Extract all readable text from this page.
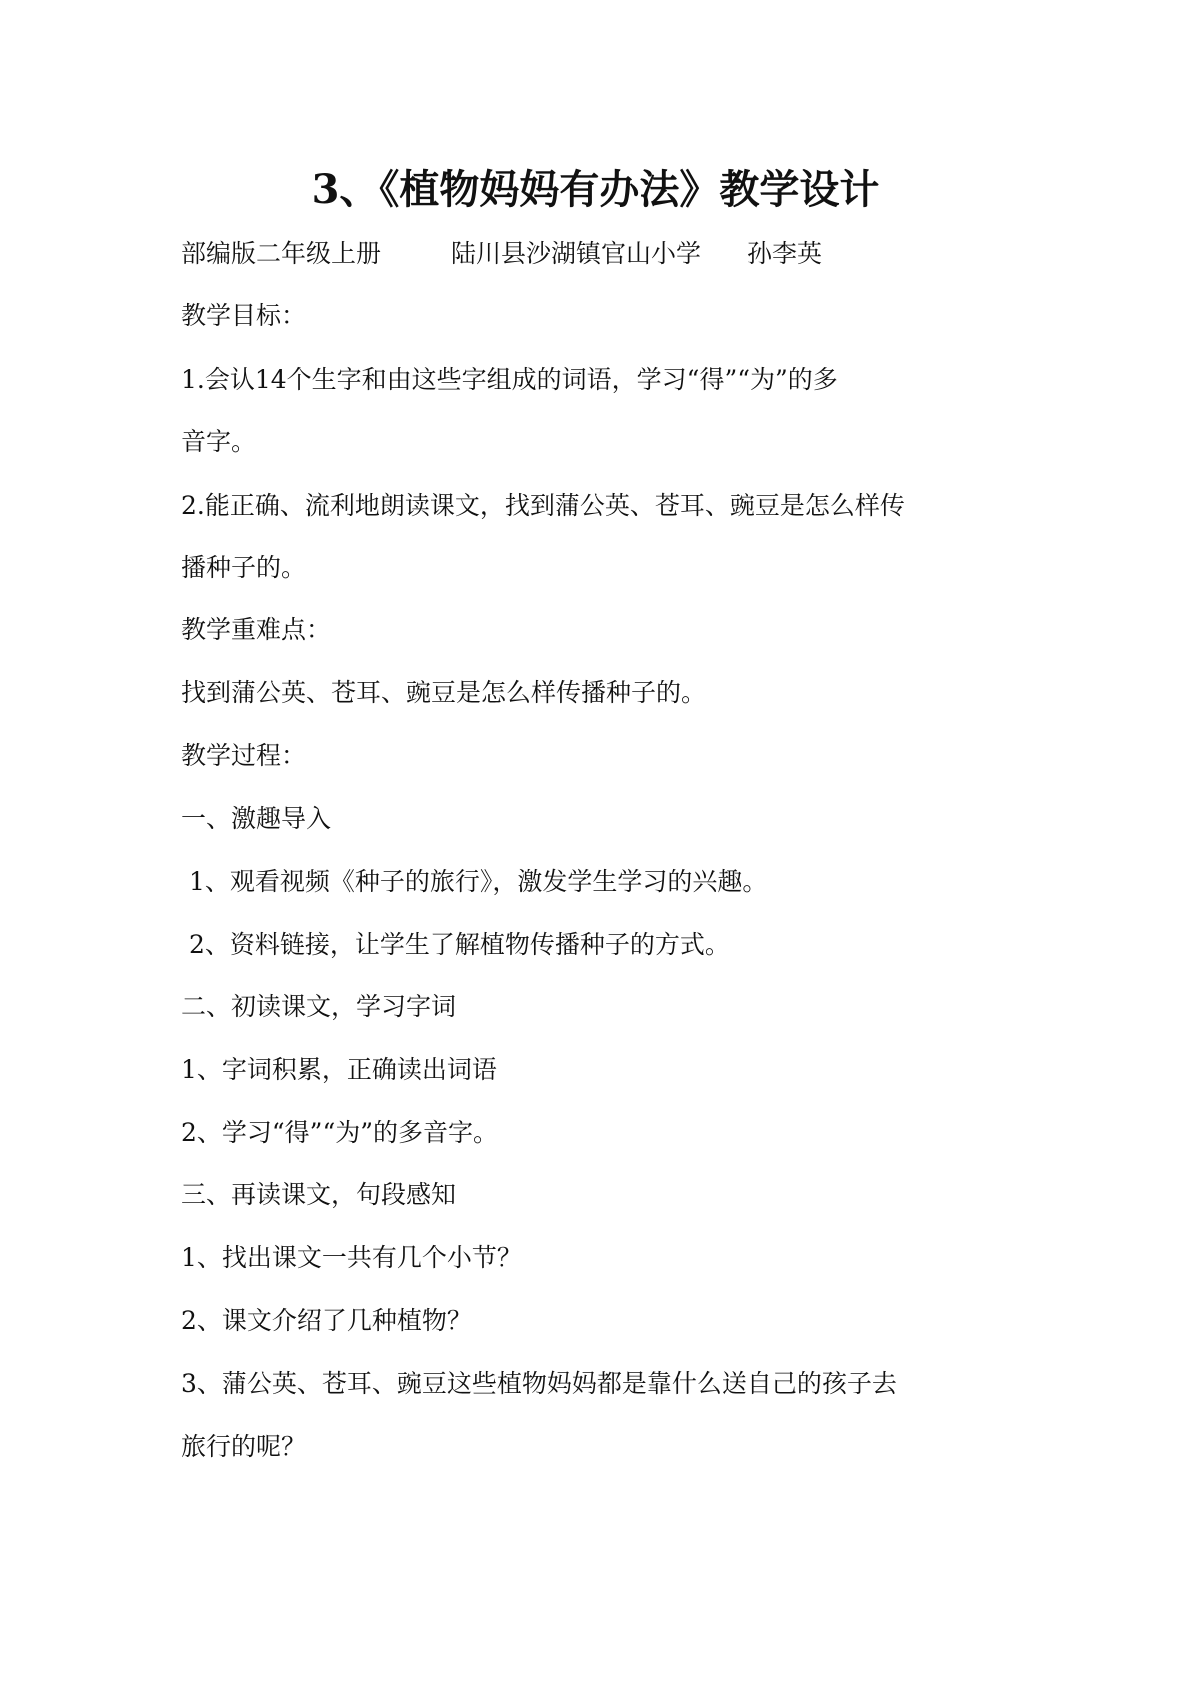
3、《植物妈妈有办法》教学设计
部编版二年级上册	陆川县沙湖镇官山小学 孙李英
教学目标：
1.会认14个生字和由这些字组成的词语，学习“得”“为”的多
音字。
2.能正确、流利地朗读课文，找到蒲公英、苍耳、豌豆是怎么样传
播种子的。
教学重难点：
找到蒲公英、苍耳、豌豆是怎么样传播种子的。
教学过程：
一、激趣导入
1、观看视频《种子的旅行》，激发学生学习的兴趣。
2、资料链接，让学生了解植物传播种子的方式。
二、初读课文，学习字词
1、字词积累，正确读出词语
2、学习“得”“为”的多音字。
三、再读课文，句段感知
1、找出课文一共有几个小节？
2、课文介绍了几种植物？
3、蒲公英、苍耳、豌豆这些植物妈妈都是靠什么送自己的孩子去
旅行的呢？
